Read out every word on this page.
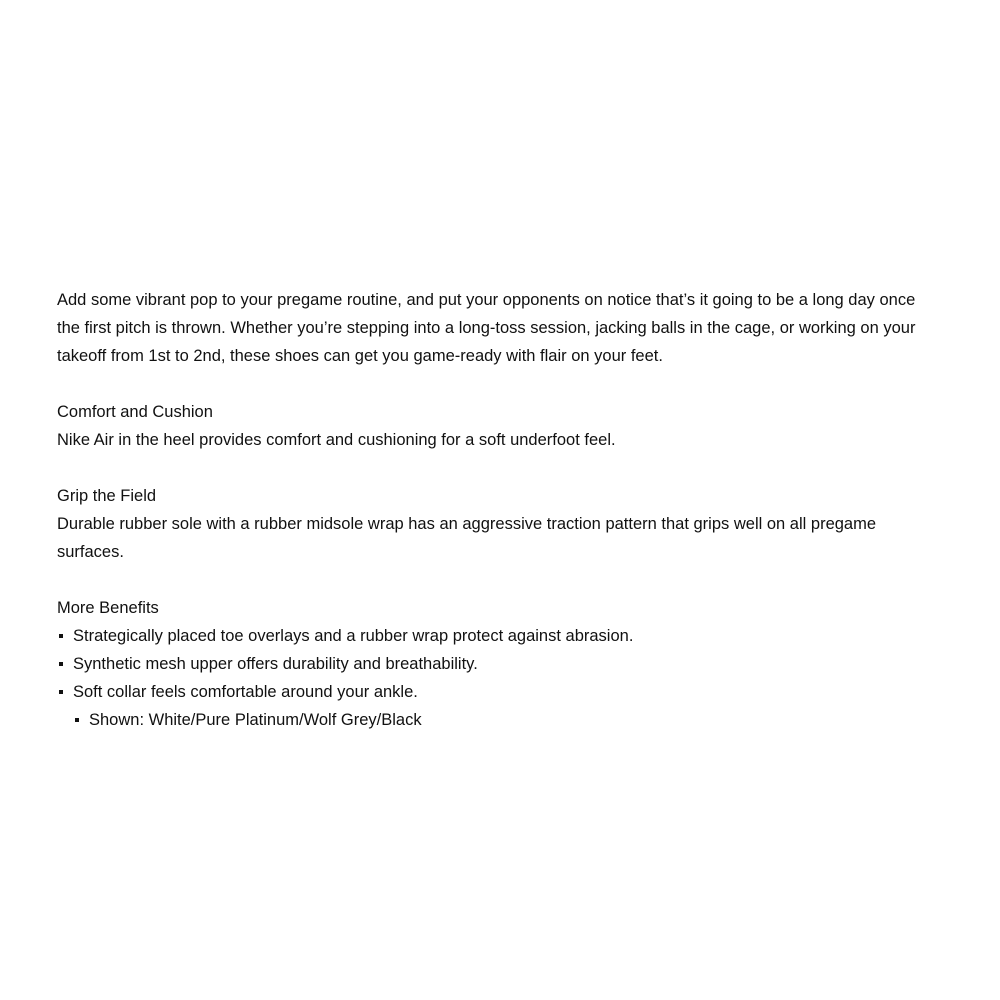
Add some vibrant pop to your pregame routine, and put your opponents on notice that’s it going to be a long day once the first pitch is thrown. Whether you’re stepping into a long-toss session, jacking balls in the cage, or working on your takeoff from 1st to 2nd, these shoes can get you game-ready with flair on your feet.

Comfort and Cushion

Nike Air in the heel provides comfort and cushioning for a soft underfoot feel.

Grip the Field

Durable rubber sole with a rubber midsole wrap has an aggressive traction pattern that grips well on all pregame surfaces.

More Benefits

Strategically placed toe overlays and a rubber wrap protect against abrasion.
Synthetic mesh upper offers durability and breathability.
Soft collar feels comfortable around your ankle.
Shown: White/Pure Platinum/Wolf Grey/Black
